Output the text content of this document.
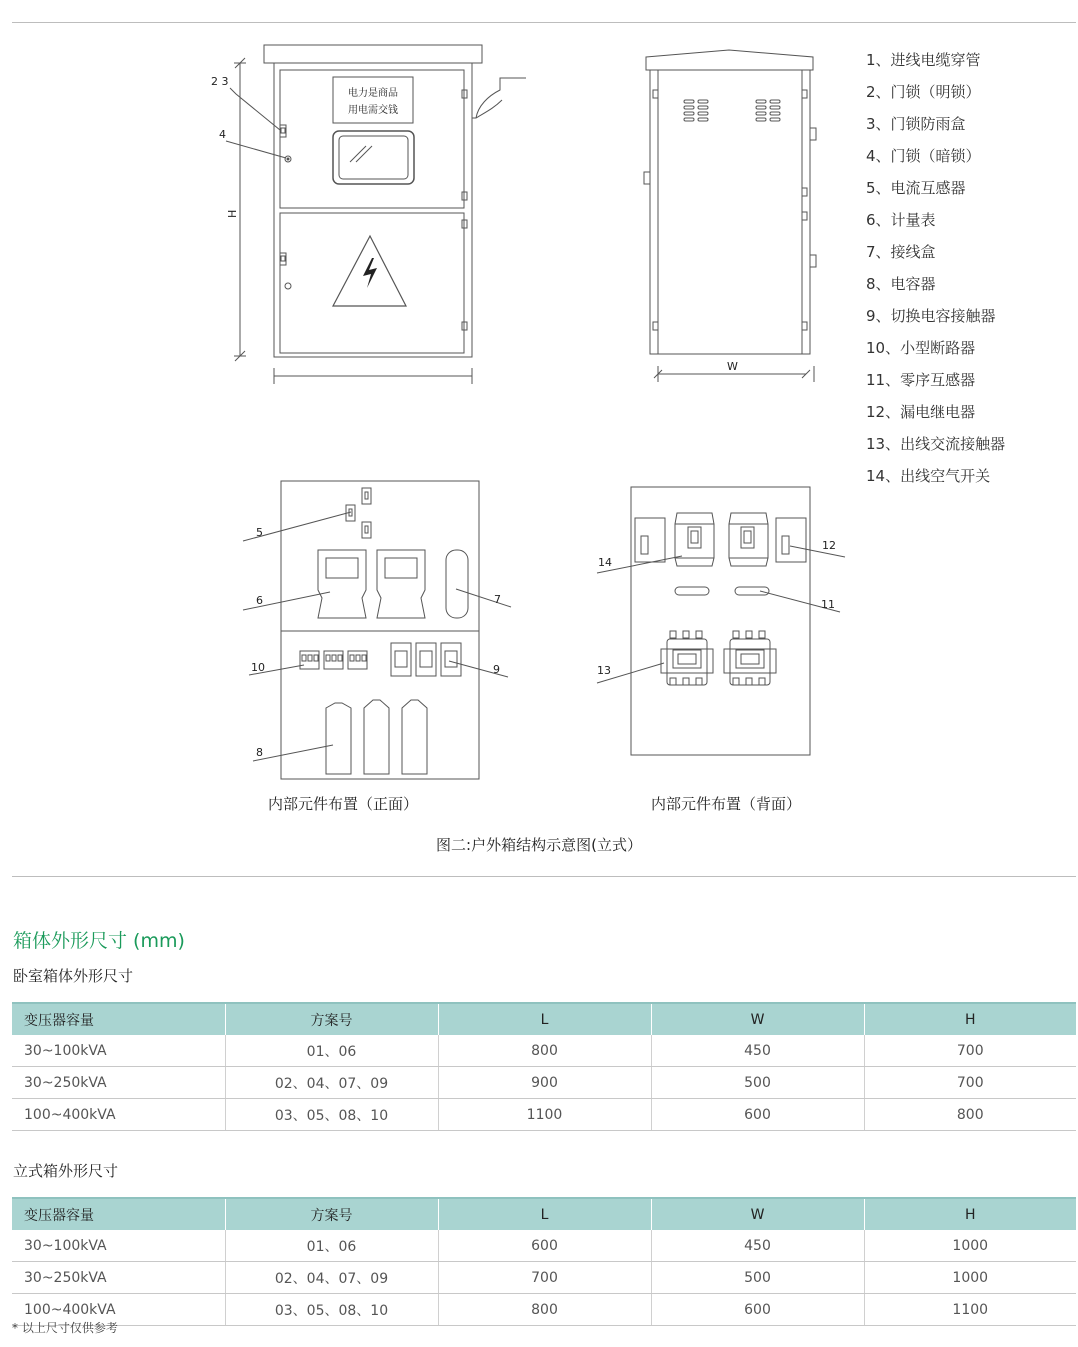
电力是商品
用电需交钱
2 3
4
H
W
5
6	7
10	9
8
14
12
11
13
1、进线电缆穿管
2、门锁（明锁）
3、门锁防雨盒
4、门锁（暗锁）
5、电流互感器
6、计量表
7、接线盒
8、电容器
9、切换电容接触器
10、小型断路器
11、零序互感器
12、漏电继电器
13、出线交流接触器
14、出线空气开关
内部元件布置（正面）	内部元件布置（背面）
图二:户外箱结构示意图(立式）
箱体外形尺寸 (mm)
卧室箱体外形尺寸
变压器容量	方案号	L	W	H
30~100kVA	01、06	800	450	700
30~250kVA	02、04、07、09	900	500	700
100~400kVA	03、05、08、10	1100	600	800
立式箱外形尺寸
变压器容量	方案号	L	W	H
30~100kVA	01、06	600	450	1000
30~250kVA	02、04、07、09	700	500	1000
100~400kVA	03、05、08、10	800	600	1100
* 以上尺寸仅供参考
